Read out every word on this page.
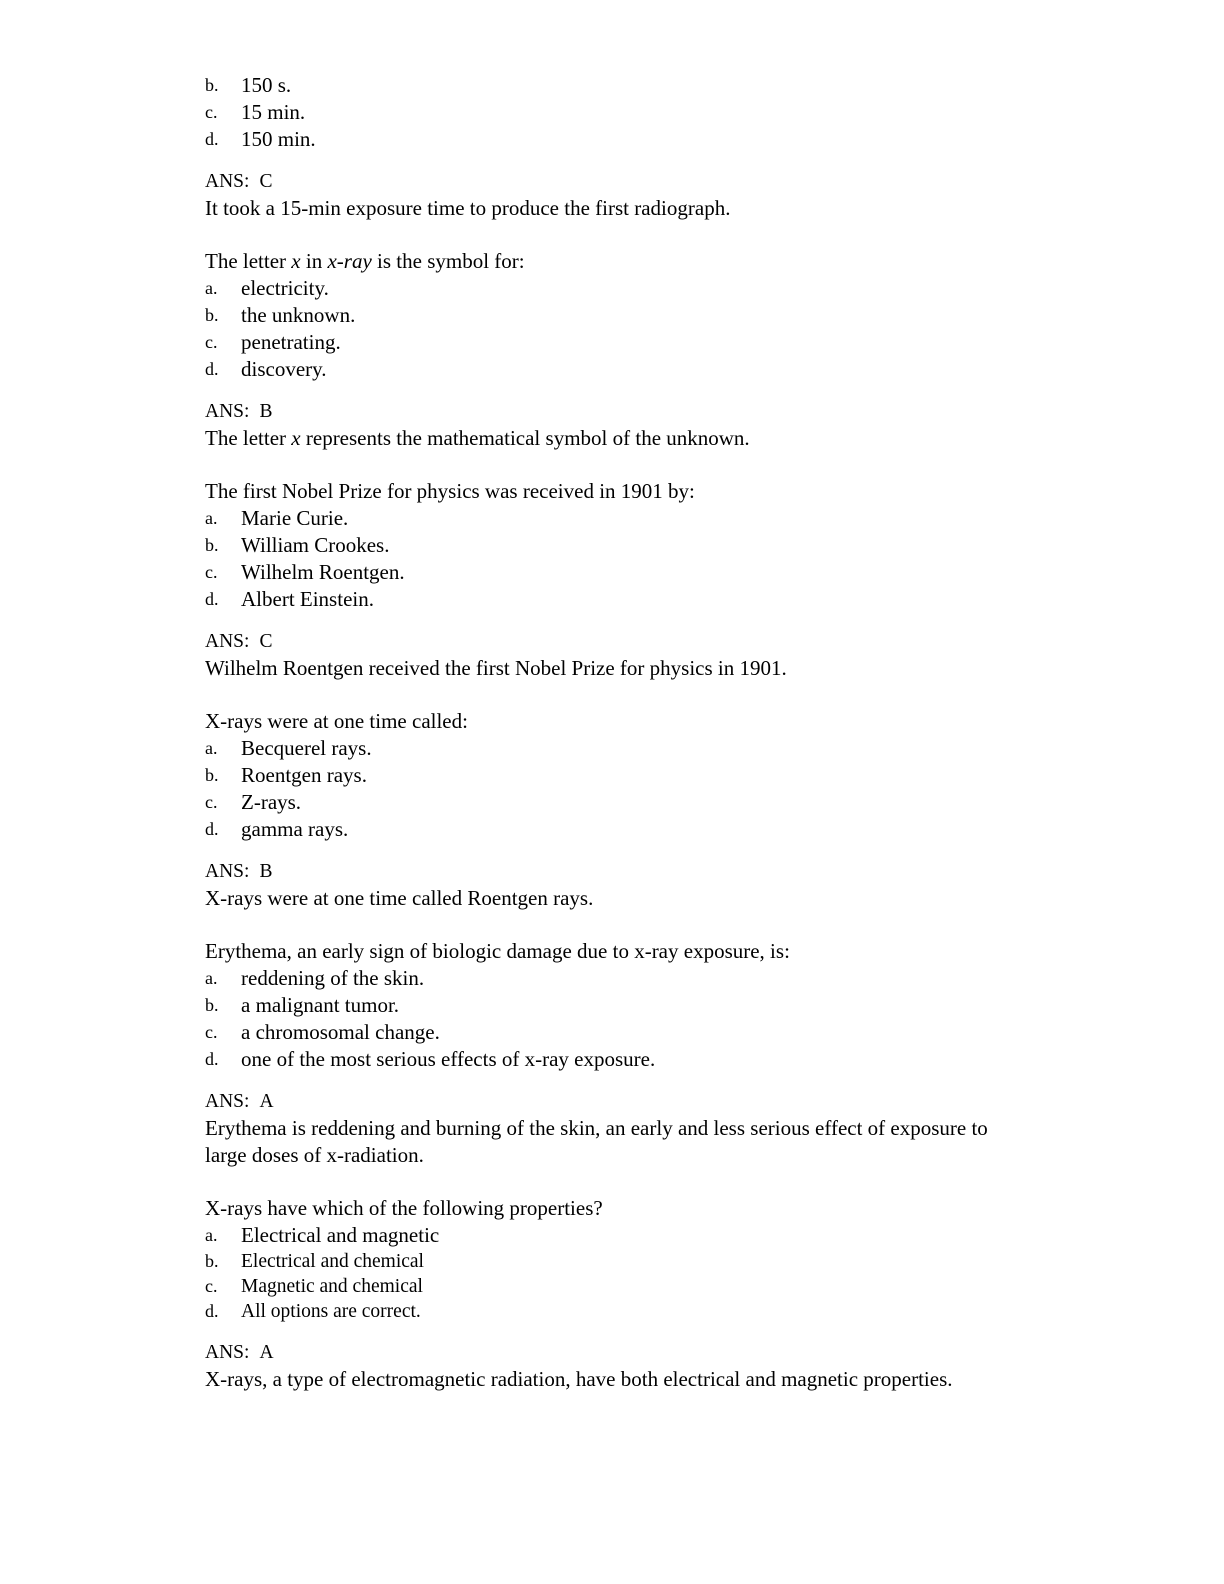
b. 150 s.
c. 15 min.
d. 150 min.
ANS: C
It took a 15-min exposure time to produce the first radiograph.
The letter x in x-ray is the symbol for:
a. electricity.
b. the unknown.
c. penetrating.
d. discovery.
ANS: B
The letter x represents the mathematical symbol of the unknown.
The first Nobel Prize for physics was received in 1901 by:
a. Marie Curie.
b. William Crookes.
c. Wilhelm Roentgen.
d. Albert Einstein.
ANS: C
Wilhelm Roentgen received the first Nobel Prize for physics in 1901.
X-rays were at one time called:
a. Becquerel rays.
b. Roentgen rays.
c. Z-rays.
d. gamma rays.
ANS: B
X-rays were at one time called Roentgen rays.
Erythema, an early sign of biologic damage due to x-ray exposure, is:
a. reddening of the skin.
b. a malignant tumor.
c. a chromosomal change.
d. one of the most serious effects of x-ray exposure.
ANS: A
Erythema is reddening and burning of the skin, an early and less serious effect of exposure to
large doses of x-radiation.
X-rays have which of the following properties?
a. Electrical and magnetic
b. Electrical and chemical
c. Magnetic and chemical
d. All options are correct.
ANS: A
X-rays, a type of electromagnetic radiation, have both electrical and magnetic properties.
